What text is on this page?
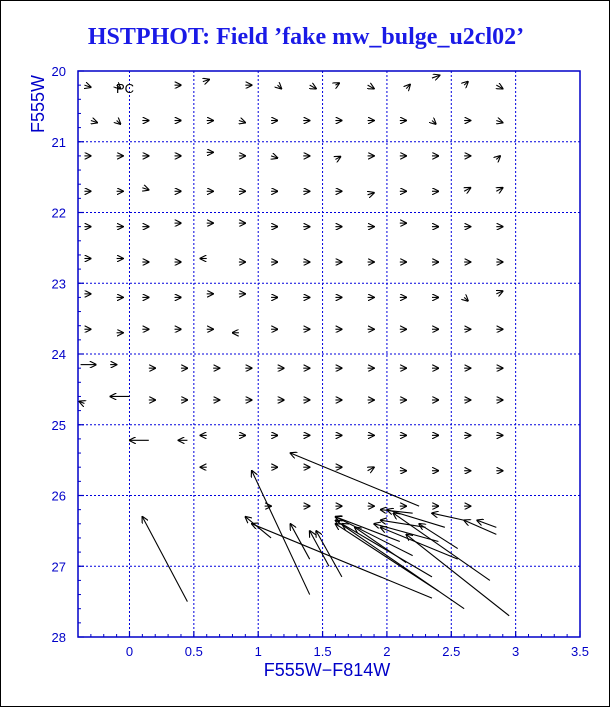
HSTPHOT: Field ’fake mw_bulge_u2cl02’
0	0.5	1	1.5	2	2.5	3	3.5
20
21
22
23
24
25
26
27
28
F555W−F814W
F555W	PC
